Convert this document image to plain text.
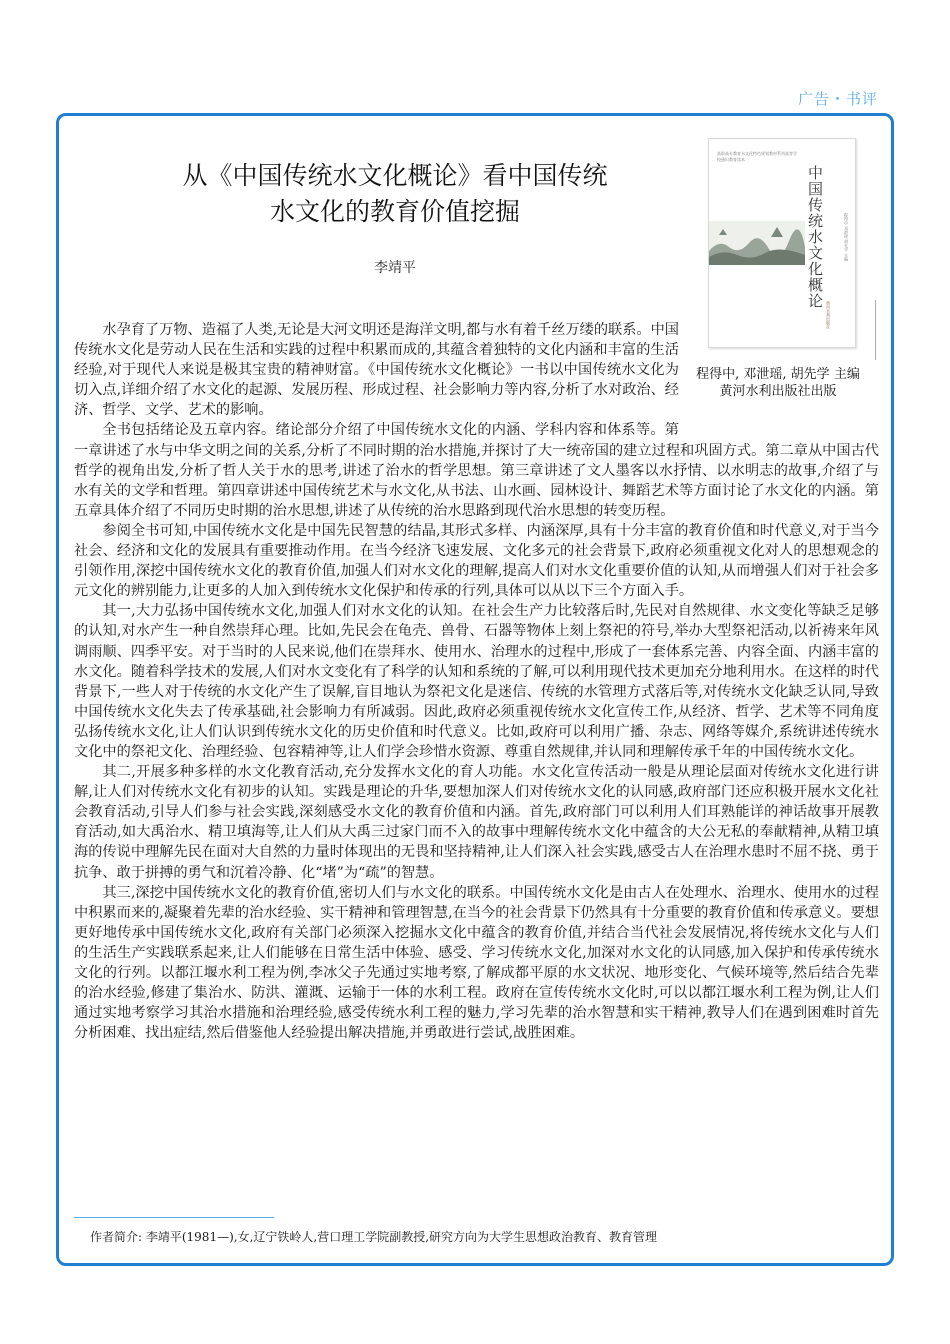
广告・书评
从《中国传统水文化概论》看中国传统
水文化的教育价值挖掘
李靖平
高职高专教育水文化特色规划教材系列高等学校通识教育读本
中国传统水文化概论	程得中 邓泄瑶 胡先学 主编
黄河水利出版社
程得中, 邓泄瑶, 胡先学 主编
黄河水利出版社出版

水孕育了万物、造福了人类,无论是大河文明还是海洋文明,都与水有着千丝万缕的联系。中国传统水文化是劳动人民在生活和实践的过程中积累而成的,其蕴含着独特的文化内涵和丰富的生活经验,对于现代人来说是极其宝贵的精神财富。《中国传统水文化概论》一书以中国传统水文化为切入点,详细介绍了水文化的起源、发展历程、形成过程、社会影响力等内容,分析了水对政治、经济、哲学、文学、艺术的影响。

全书包括绪论及五章内容。绪论部分介绍了中国传统水文化的内涵、学科内容和体系等。第一章讲述了水与中华文明之间的关系,分析了不同时期的治水措施,并探讨了大一统帝国的建立过程和巩固方式。第二章从中国古代哲学的视角出发,分析了哲人关于水的思考,讲述了治水的哲学思想。第三章讲述了文人墨客以水抒情、以水明志的故事,介绍了与水有关的文学和哲理。第四章讲述中国传统艺术与水文化,从书法、山水画、园林设计、舞蹈艺术等方面讨论了水文化的内涵。第五章具体介绍了不同历史时期的治水思想,讲述了从传统的治水思路到现代治水思想的转变历程。

参阅全书可知,中国传统水文化是中国先民智慧的结晶,其形式多样、内涵深厚,具有十分丰富的教育价值和时代意义,对于当今社会、经济和文化的发展具有重要推动作用。在当今经济飞速发展、文化多元的社会背景下,政府必须重视文化对人的思想观念的引领作用,深挖中国传统水文化的教育价值,加强人们对水文化的理解,提高人们对水文化重要价值的认知,从而增强人们对于社会多元文化的辨别能力,让更多的人加入到传统水文化保护和传承的行列,具体可以从以下三个方面入手。

其一,大力弘扬中国传统水文化,加强人们对水文化的认知。在社会生产力比较落后时,先民对自然规律、水文变化等缺乏足够的认知,对水产生一种自然崇拜心理。比如,先民会在龟壳、兽骨、石器等物体上刻上祭祀的符号,举办大型祭祀活动,以祈祷来年风调雨顺、四季平安。对于当时的人民来说,他们在崇拜水、使用水、治理水的过程中,形成了一套体系完善、内容全面、内涵丰富的水文化。随着科学技术的发展,人们对水文变化有了科学的认知和系统的了解,可以利用现代技术更加充分地利用水。在这样的时代背景下,一些人对于传统的水文化产生了误解,盲目地认为祭祀文化是迷信、传统的水管理方式落后等,对传统水文化缺乏认同,导致中国传统水文化失去了传承基础,社会影响力有所减弱。因此,政府必须重视传统水文化宣传工作,从经济、哲学、艺术等不同角度弘扬传统水文化,让人们认识到传统水文化的历史价值和时代意义。比如,政府可以利用广播、杂志、网络等媒介,系统讲述传统水文化中的祭祀文化、治理经验、包容精神等,让人们学会珍惜水资源、尊重自然规律,并认同和理解传承千年的中国传统水文化。

其二,开展多种多样的水文化教育活动,充分发挥水文化的育人功能。水文化宣传活动一般是从理论层面对传统水文化进行讲解,让人们对传统水文化有初步的认知。实践是理论的升华,要想加深人们对传统水文化的认同感,政府部门还应积极开展水文化社会教育活动,引导人们参与社会实践,深刻感受水文化的教育价值和内涵。首先,政府部门可以利用人们耳熟能详的神话故事开展教育活动,如大禹治水、精卫填海等,让人们从大禹三过家门而不入的故事中理解传统水文化中蕴含的大公无私的奉献精神,从精卫填海的传说中理解先民在面对大自然的力量时体现出的无畏和坚持精神,让人们深入社会实践,感受古人在治理水患时不屈不挠、勇于抗争、敢于拼搏的勇气和沉着冷静、化“堵”为“疏”的智慧。

其三,深挖中国传统水文化的教育价值,密切人们与水文化的联系。中国传统水文化是由古人在处理水、治理水、使用水的过程中积累而来的,凝聚着先辈的治水经验、实干精神和管理智慧,在当今的社会背景下仍然具有十分重要的教育价值和传承意义。要想更好地传承中国传统水文化,政府有关部门必须深入挖掘水文化中蕴含的教育价值,并结合当代社会发展情况,将传统水文化与人们的生活生产实践联系起来,让人们能够在日常生活中体验、感受、学习传统水文化,加深对水文化的认同感,加入保护和传承传统水文化的行列。以都江堰水利工程为例,李冰父子先通过实地考察,了解成都平原的水文状况、地形变化、气候环境等,然后结合先辈的治水经验,修建了集治水、防洪、灌溉、运输于一体的水利工程。政府在宣传传统水文化时,可以以都江堰水利工程为例,让人们通过实地考察学习其治水措施和治理经验,感受传统水利工程的魅力,学习先辈的治水智慧和实干精神,教导人们在遇到困难时首先分析困难、找出症结,然后借鉴他人经验提出解决措施,并勇敢进行尝试,战胜困难。

作者简介: 李靖平(1981—),女,辽宁铁岭人,营口理工学院副教授,研究方向为大学生思想政治教育、教育管理
